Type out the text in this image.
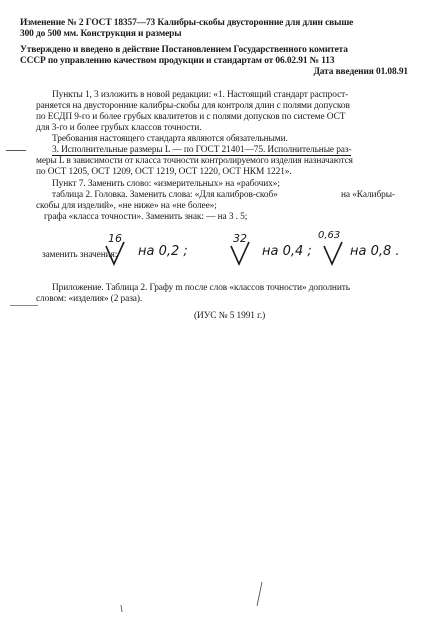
Изменение № 2 ГОСТ 18357—73 Калибры-скобы двусторонние для длин свыше
300 до 500 мм. Конструкция и размеры
Утверждено и введено в действие Постановлением Государственного комитета
СССР по управлению качеством продукции и стандартам от 06.02.91 № 113
Дата введения 01.08.91
Пункты 1, 3 изложить в новой редакции: «1. Настоящий стандарт распрост-
раняется на двусторонние калибры-скобы для контроля длин с полями допусков
по ЕСДП 9-го и более грубых квалитетов и с полями допусков по системе ОСТ
для 3-го и более грубых классов точности.
Требования настоящего стандарта являются обязательными.
3. Исполнительные размеры L — по ГОСТ 21401—75. Исполнительные раз-
меры L в зависимости от класса точности контролируемого изделия назначаются
по ОСТ 1205, ОСТ 1209, ОСТ 1219, ОСТ 1220, ОСТ НКМ 1221».
Пункт 7. Заменить слово: «измерительных» на «рабочих»;
таблица 2. Головка. Заменить слова: «Для калибров-скоб»	на «Калибры-
скобы для изделий», «не ниже» на «не более»;
графа «класса точности». Заменить знак: — на 3 . 5;
заменить значения:
16
на 0,2 ;
32
на 0,4 ;
0,63
на 0,8 .
Приложение. Таблица 2. Графу m после слов «классов точности» дополнить
словом: «изделия» (2 раза).
(ИУС № 5 1991 г.)
